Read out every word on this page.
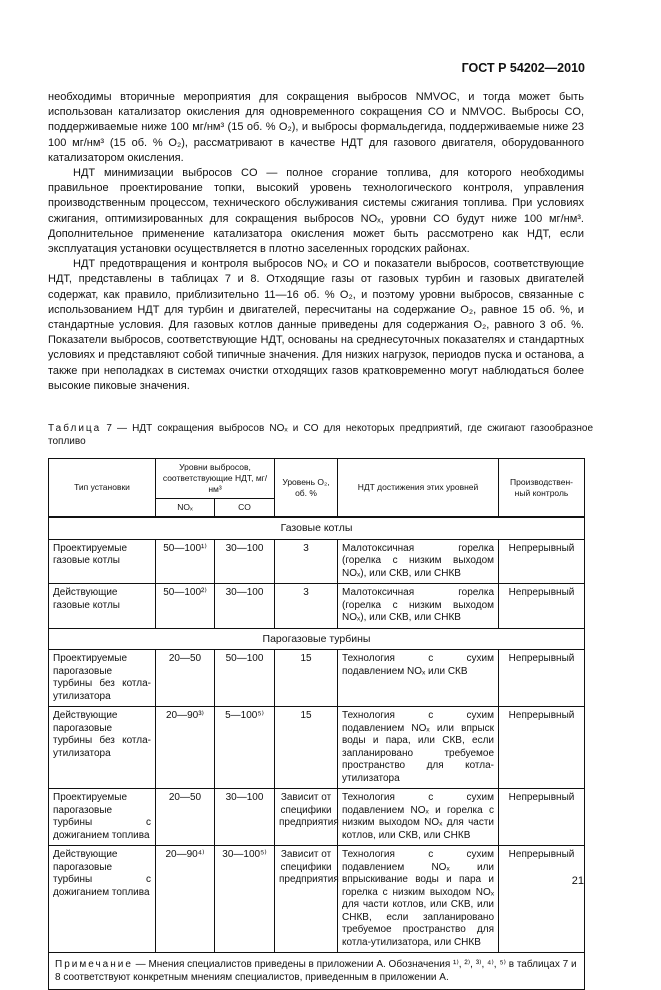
ГОСТ Р 54202—2010

необходимы вторичные мероприятия для сокращения выбросов NMVOC, и тогда может быть использован катализатор окисления для одновременного сокращения CO и NMVOC. Выбросы CO, поддерживаемые ниже 100 мг/нм³ (15 об. % O₂), и выбросы формальдегида, поддерживаемые ниже 23 100 мг/нм³ (15 об. % O₂), рассматривают в качестве НДТ для газового двигателя, оборудованного катализатором окисления.

НДТ минимизации выбросов CO — полное сгорание топлива, для которого необходимы правильное проектирование топки, высокий уровень технологического контроля, управления производственным процессом, технического обслуживания системы сжигания топлива. При условиях сжигания, оптимизированных для сокращения выбросов NOₓ, уровни CO будут ниже 100 мг/нм³. Дополнительное применение катализатора окисления может быть рассмотрено как НДТ, если эксплуатация установки осуществляется в плотно заселенных городских районах.

НДТ предотвращения и контроля выбросов NOₓ и CO и показатели выбросов, соответствующие НДТ, представлены в таблицах 7 и 8. Отходящие газы от газовых турбин и газовых двигателей содержат, как правило, приблизительно 11—16 об. % O₂, и поэтому уровни выбросов, связанные с использованием НДТ для турбин и двигателей, пересчитаны на содержание O₂, равное 15 об. %, и стандартные условия. Для газовых котлов данные приведены для содержания O₂, равного 3 об. %. Показатели выбросов, соответствующие НДТ, основаны на среднесуточных показателях и стандартных условиях и представляют собой типичные значения. Для низких нагрузок, периодов пуска и останова, а также при неполадках в системах очистки отходящих газов кратковременно могут наблюдаться более высокие пиковые значения.

Таблица 7 — НДТ сокращения выбросов NOₓ и CO для некоторых предприятий, где сжигают газообразное топливо
Тип установки	Уровни выбросов, соответствующие НДТ, мг/нм³		Уровень O₂, об. %	НДТ достижения этих уровней	Производствен-ный контроль
	NOₓ	CO			
Газовые котлы					
Проектируемые газовые котлы	50—100¹⁾	30—100	3	Малотоксичная горелка (горелка с низким выходом NOₓ), или СКВ, или СНКВ	Непрерывный
Действующие газовые котлы	50—100²⁾	30—100	3	Малотоксичная горелка (горелка с низким выходом NOₓ), или СКВ, или СНКВ	Непрерывный
Парогазовые турбины					
Проектируемые парогазовые турбины без котла-утилизатора	20—50	50—100	15	Технология с сухим подавлением NOₓ или СКВ	Непрерывный
Действующие парогазовые турбины без котла-утилизатора	20—90³⁾	5—100⁵⁾	15	Технология с сухим подавлением NOₓ или впрыск воды и пара, или СКВ, если запланировано требуемое пространство для котла-утилизатора	Непрерывный
Проектируемые парогазовые турбины с дожиганием топлива	20—50	30—100	Зависит от специфики предприятия	Технология с сухим подавлением NOₓ и горелка с низким выходом NOₓ для части котлов, или СКВ, или СНКВ	Непрерывный
Действующие парогазовые турбины с дожиганием топлива	20—90⁴⁾	30—100⁵⁾	Зависит от специфики предприятия	Технология с сухим подавлением NOₓ или впрыскивание воды и пара и горелка с низким выходом NOₓ для части котлов, или СКВ, или СНКВ, если запланировано требуемое пространство для котла-утилизатора, или СНКВ	Непрерывный
Примечание — Мнения специалистов приведены в приложении А. Обозначения ¹⁾, ²⁾, ³⁾, ⁴⁾, ⁵⁾ в таблицах 7 и 8 соответствуют конкретным мнениям специалистов, приведенным в приложении А.					
21
